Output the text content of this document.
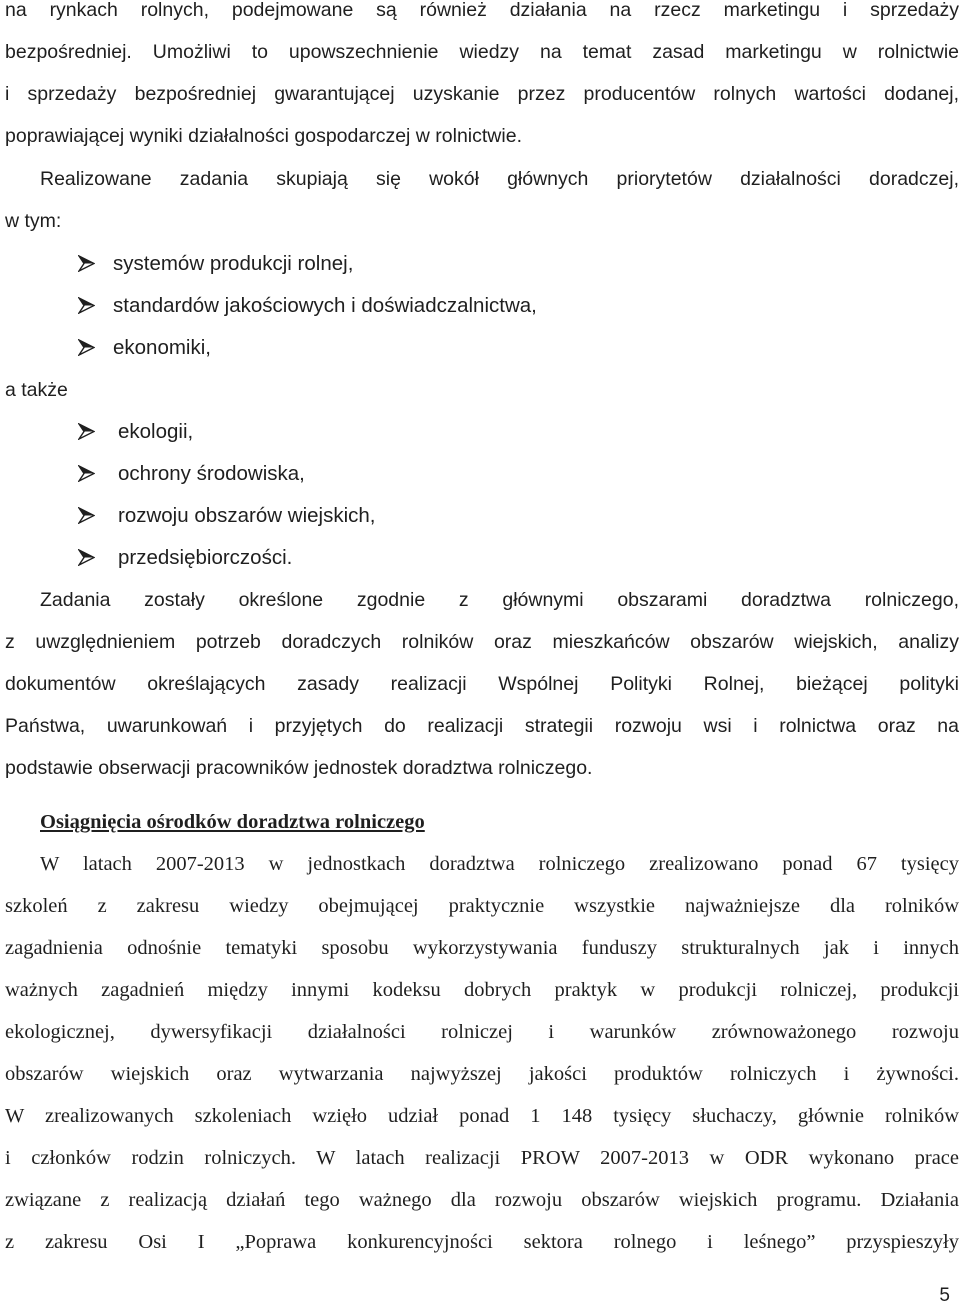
na rynkach rolnych, podejmowane są również działania na rzecz marketingu i sprzedaży

bezpośredniej. Umożliwi to upowszechnienie wiedzy na temat zasad marketingu w rolnictwie

i sprzedaży bezpośredniej gwarantującej uzyskanie przez producentów rolnych wartości dodanej,

poprawiającej wyniki działalności gospodarczej w rolnictwie.

Realizowane zadania skupiają się wokół głównych priorytetów działalności doradczej,

w tym:

systemów produkcji rolnej,
standardów jakościowych i doświadczalnictwa,
ekonomiki,

a także

ekologii,
ochrony środowiska,
rozwoju obszarów wiejskich,
przedsiębiorczości.

Zadania zostały określone zgodnie z głównymi obszarami doradztwa rolniczego,

z uwzględnieniem potrzeb doradczych rolników oraz mieszkańców obszarów wiejskich, analizy

dokumentów określających zasady realizacji Wspólnej Polityki Rolnej, bieżącej polityki

Państwa, uwarunkowań i przyjętych do realizacji strategii rozwoju wsi i rolnictwa oraz na

podstawie obserwacji pracowników jednostek doradztwa rolniczego.

Osiągnięcia ośrodków doradztwa rolniczego

W latach 2007-2013 w jednostkach doradztwa rolniczego zrealizowano ponad 67 tysięcy

szkoleń z zakresu wiedzy obejmującej praktycznie wszystkie najważniejsze dla rolników

zagadnienia odnośnie tematyki sposobu wykorzystywania funduszy strukturalnych jak i innych

ważnych zagadnień między innymi kodeksu dobrych praktyk w produkcji rolniczej, produkcji

ekologicznej, dywersyfikacji działalności rolniczej i warunków zrównoważonego rozwoju

obszarów wiejskich oraz wytwarzania najwyższej jakości produktów rolniczych i żywności.

W zrealizowanych szkoleniach wzięło udział ponad 1 148 tysięcy słuchaczy, głównie rolników

i członków rodzin rolniczych. W latach realizacji PROW 2007-2013 w ODR wykonano prace

związane z realizacją działań tego ważnego dla rozwoju obszarów wiejskich programu. Działania

z zakresu Osi I „Poprawa konkurencyjności sektora rolnego i leśnego” przyspieszyły

5
